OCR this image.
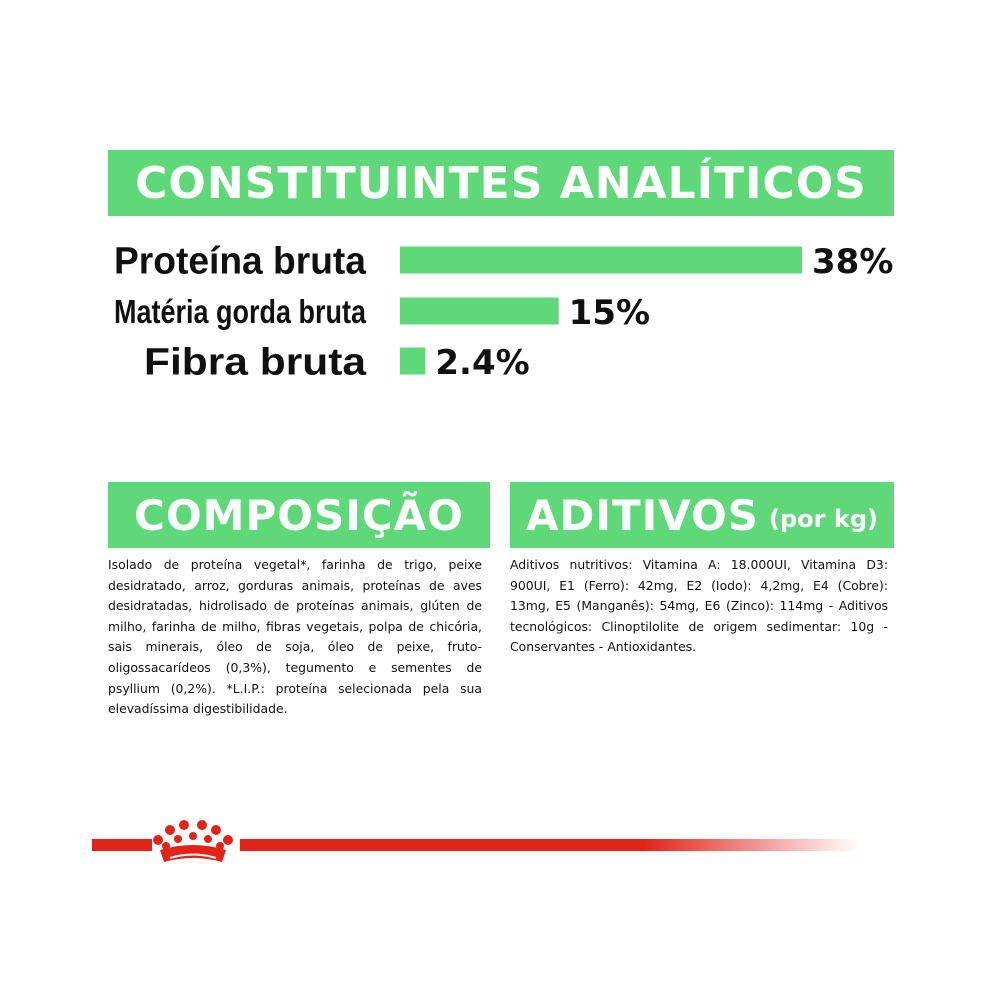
CONSTITUINTES ANALÍTICOS
Proteína bruta	38%
Matéria gorda bruta	15%
Fibra bruta 2.4%
COMPOSIÇÃO ADITIVOS (por kg)
Isolado de proteína vegetal*, farinha de trigo, peixe desidratado, arroz, gorduras animais, proteínas de aves desidratadas, hidrolisado de proteínas animais, glúten de milho, farinha de milho, fibras vegetais, polpa de chicória, sais minerais, óleo de soja, óleo de peixe, fruto-oligossacarídeos (0,3%), tegumento e sementes de psyllium (0,2%). *L.I.P.: proteína selecionada pela sua elevadíssima digestibilidade.
Aditivos nutritivos: Vitamina A: 18.000UI, Vitamina D3: 900UI, E1 (Ferro): 42mg, E2 (Iodo): 4,2mg, E4 (Cobre): 13mg, E5 (Manganês): 54mg, E6 (Zinco): 114mg - Aditivos tecnológicos: Clinoptilolite de origem sedimentar: 10g - Conservantes - Antioxidantes.
